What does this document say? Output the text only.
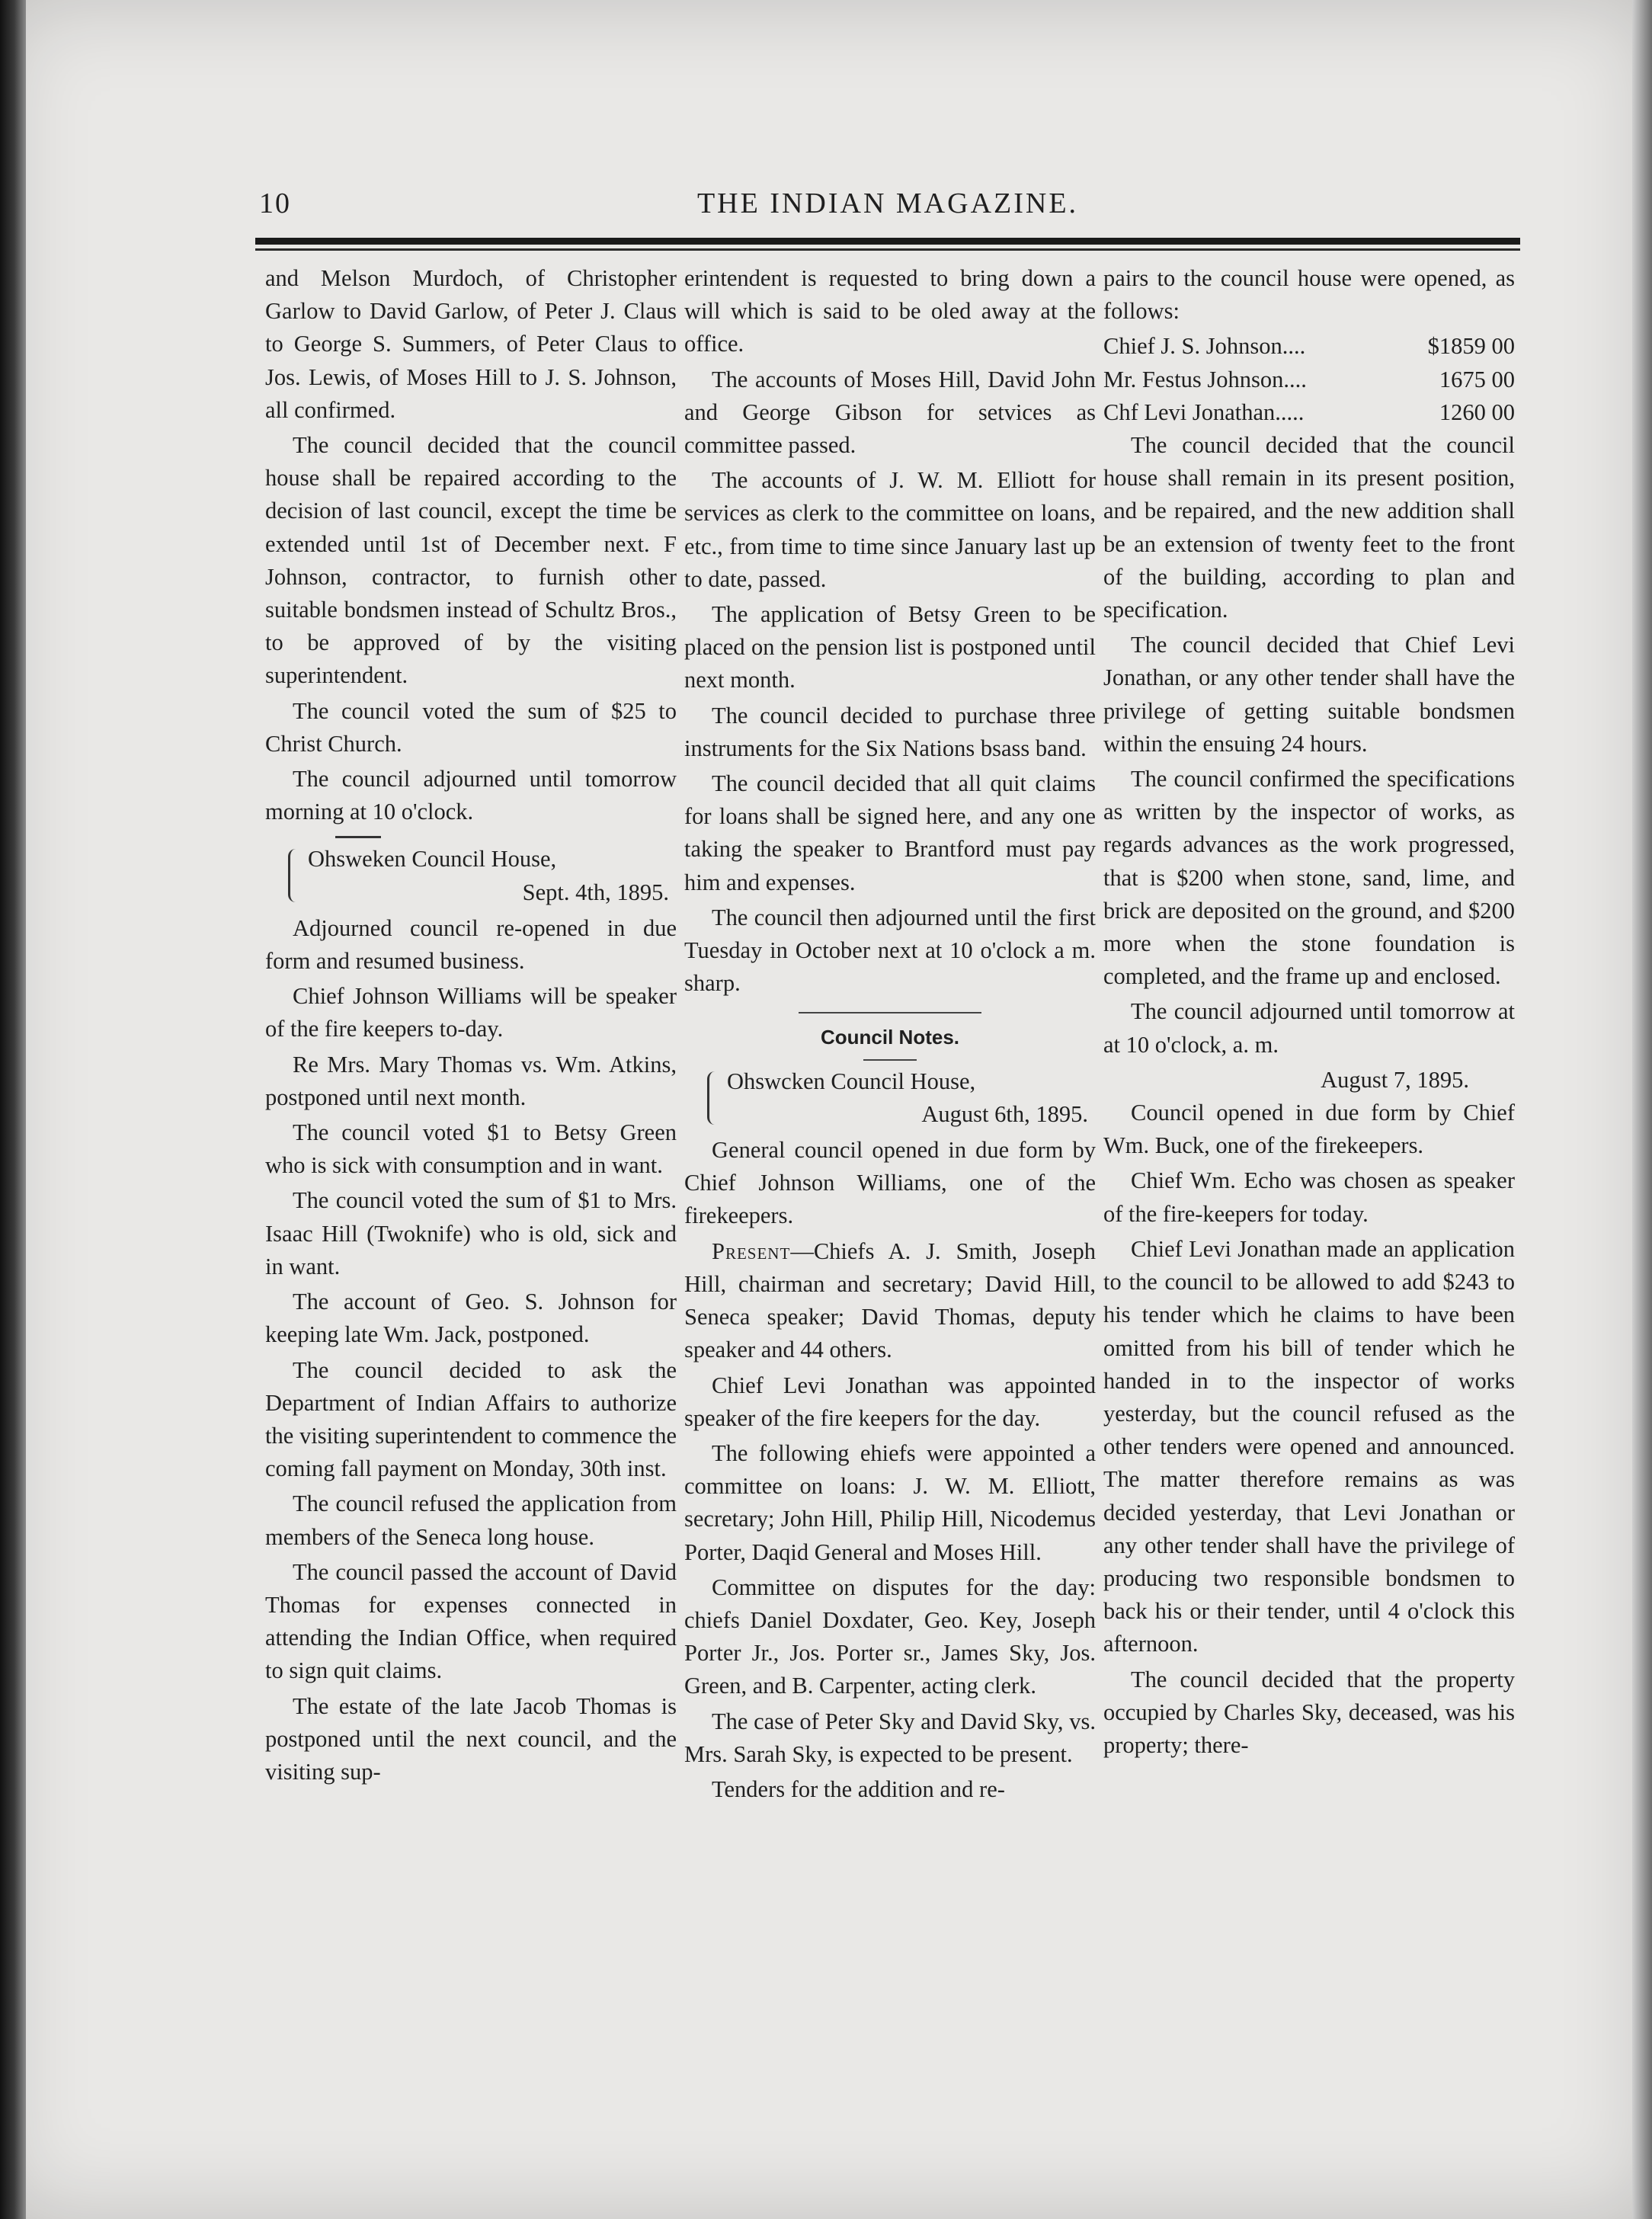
10	THE INDIAN MAGAZINE.

and Melson Murdoch, of Christopher Garlow to David Garlow, of Peter J. Claus to George S. Summers, of Peter Claus to Jos. Lewis, of Moses Hill to J. S. Johnson, all confirmed.

The council decided that the council house shall be repaired according to the decision of last council, except the time be extended until 1st of December next. F Johnson, contractor, to furnish other suitable bondsmen instead of Schultz Bros., to be approved of by the visiting superintendent.

The council voted the sum of $25 to Christ Church.

The council adjourned until tomorrow morning at 10 o'clock.

Ohsweken Council House,
Sept. 4th, 1895.

Adjourned council re-opened in due form and resumed business.

Chief Johnson Williams will be speaker of the fire keepers to-day.

Re Mrs. Mary Thomas vs. Wm. Atkins, postponed until next month.

The council voted $1 to Betsy Green who is sick with consumption and in want.

The council voted the sum of $1 to Mrs. Isaac Hill (Twoknife) who is old, sick and in want.

The account of Geo. S. Johnson for keeping late Wm. Jack, postponed.

The council decided to ask the Department of Indian Affairs to authorize the visiting superintendent to commence the coming fall payment on Monday, 30th inst.

The council refused the application from members of the Seneca long house.

The council passed the account of David Thomas for expenses connected in attending the Indian Office, when required to sign quit claims.

The estate of the late Jacob Thomas is postponed until the next council, and the visiting sup-

erintendent is requested to bring down a will which is said to be oled away at the office.

The accounts of Moses Hill, David John and George Gibson for setvices as committee passed.

The accounts of J. W. M. Elliott for services as clerk to the committee on loans, etc., from time to time since January last up to date, passed.

The application of Betsy Green to be placed on the pension list is postponed until next month.

The council decided to purchase three instruments for the Six Nations bsass band.

The council decided that all quit claims for loans shall be signed here, and any one taking the speaker to Brantford must pay him and expenses.

The council then adjourned until the first Tuesday in October next at 10 o'clock a m. sharp.

Council Notes.
Ohswcken Council House,
August 6th, 1895.

General council opened in due form by Chief Johnson Williams, one of the firekeepers.

Present—Chiefs A. J. Smith, Joseph Hill, chairman and secretary; David Hill, Seneca speaker; David Thomas, deputy speaker and 44 others.

Chief Levi Jonathan was appointed speaker of the fire keepers for the day.

The following ehiefs were appointed a committee on loans: J. W. M. Elliott, secretary; John Hill, Philip Hill, Nicodemus Porter, Daqid General and Moses Hill.

Committee on disputes for the day: chiefs Daniel Doxdater, Geo. Key, Joseph Porter Jr., Jos. Porter sr., James Sky, Jos. Green, and B. Carpenter, acting clerk.

The case of Peter Sky and David Sky, vs. Mrs. Sarah Sky, is expected to be present.

Tenders for the addition and re-

pairs to the council house were opened, as follows:

Chief J. S. Johnson....	$1859 00
Mr. Festus Johnson....	1675 00
Chf Levi Jonathan.....	1260 00

The council decided that the council house shall remain in its present position, and be repaired, and the new addition shall be an extension of twenty feet to the front of the building, according to plan and specification.

The council decided that Chief Levi Jonathan, or any other tender shall have the privilege of getting suitable bondsmen within the ensuing 24 hours.

The council confirmed the specifications as written by the inspector of works, as regards advances as the work progressed, that is $200 when stone, sand, lime, and brick are deposited on the ground, and $200 more when the stone foundation is completed, and the frame up and enclosed.

The council adjourned until tomorrow at at 10 o'clock, a. m.

August 7, 1895.

Council opened in due form by Chief Wm. Buck, one of the firekeepers.

Chief Wm. Echo was chosen as speaker of the fire-keepers for today.

Chief Levi Jonathan made an application to the council to be allowed to add $243 to his tender which he claims to have been omitted from his bill of tender which he handed in to the inspector of works yesterday, but the council refused as the other tenders were opened and announced. The matter therefore remains as was decided yesterday, that Levi Jonathan or any other tender shall have the privilege of producing two responsible bondsmen to back his or their tender, until 4 o'clock this afternoon.

The council decided that the property occupied by Charles Sky, deceased, was his property; there-
